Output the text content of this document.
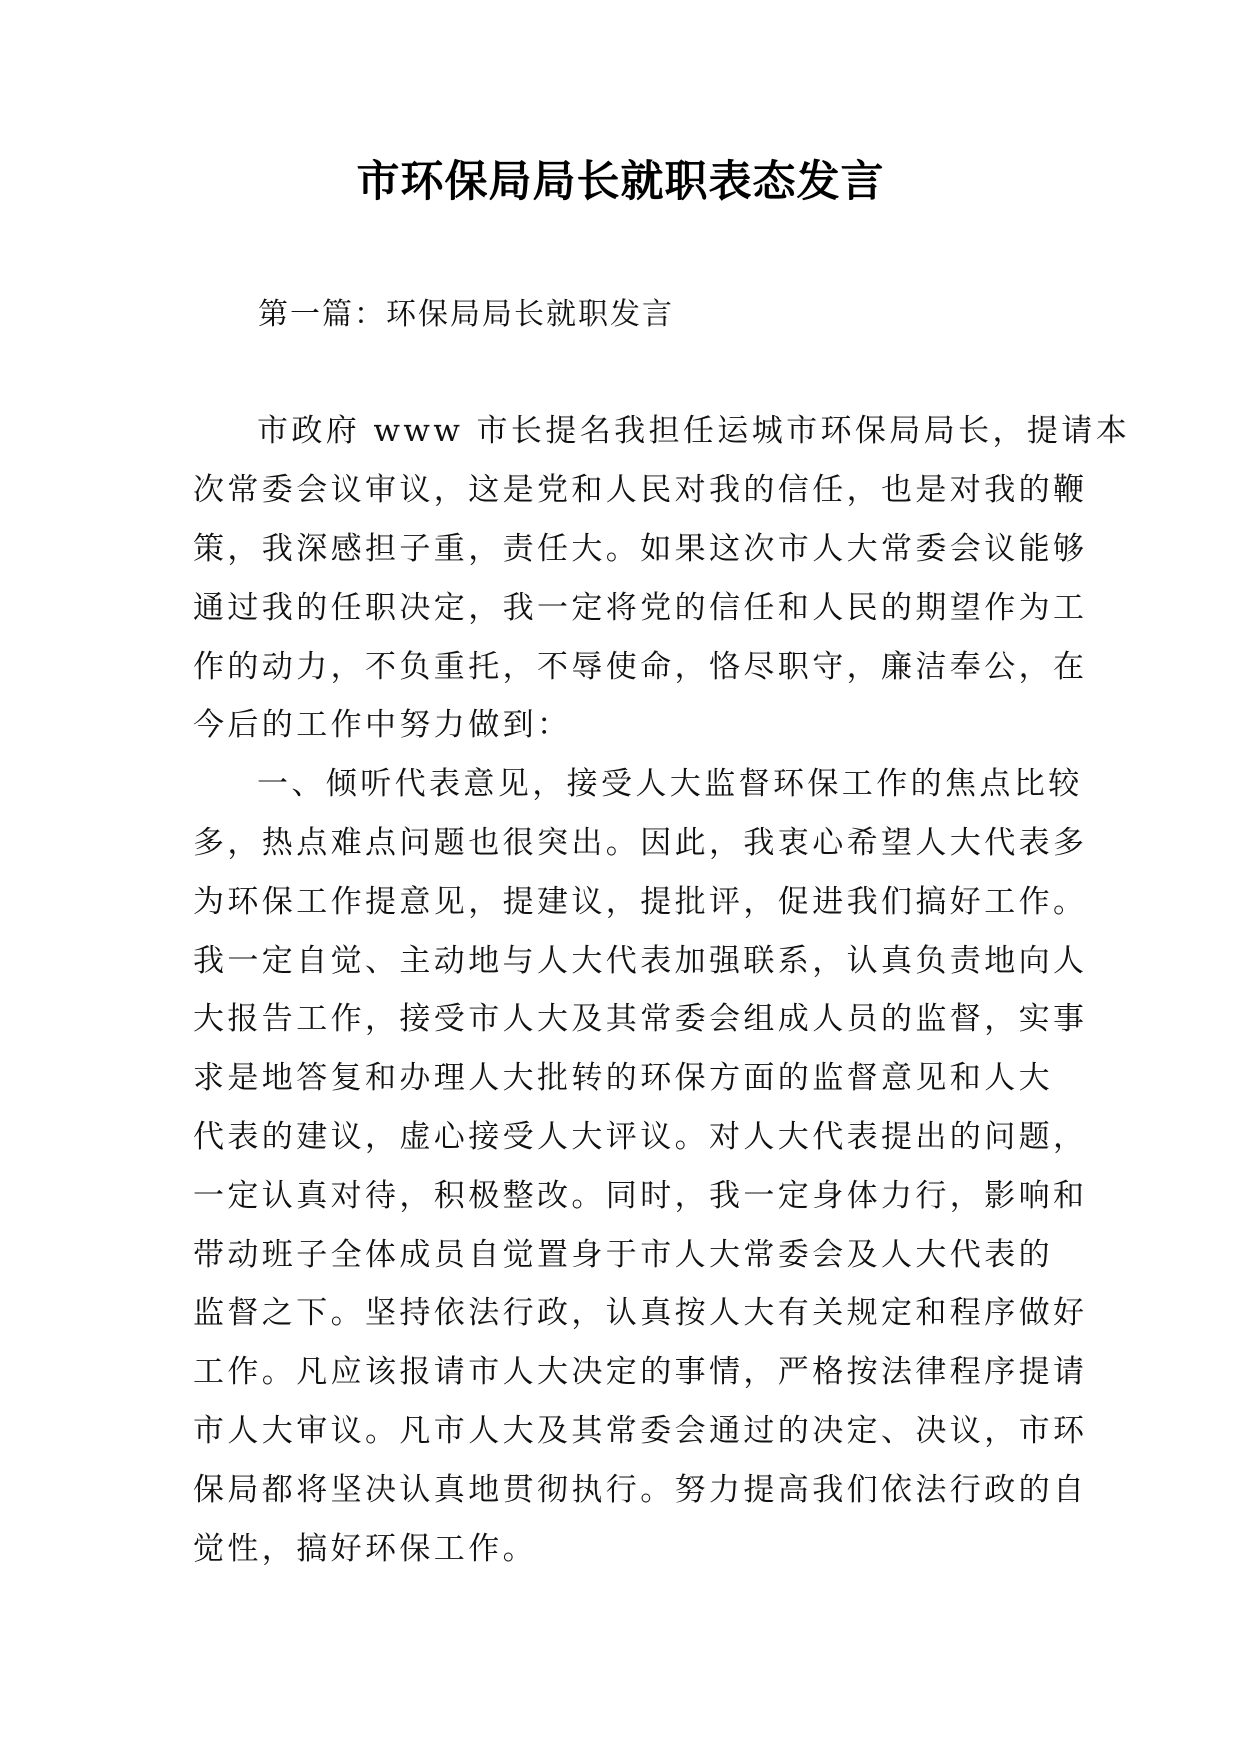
市环保局局长就职表态发言

第一篇：环保局局长就职发言

市政府 www 市长提名我担任运城市环保局局长，提请本

次常委会议审议，这是党和人民对我的信任，也是对我的鞭

策，我深感担子重，责任大。如果这次市人大常委会议能够

通过我的任职决定，我一定将党的信任和人民的期望作为工

作的动力，不负重托，不辱使命，恪尽职守，廉洁奉公，在

今后的工作中努力做到：

一、倾听代表意见，接受人大监督环保工作的焦点比较

多，热点难点问题也很突出。因此，我衷心希望人大代表多

为环保工作提意见，提建议，提批评，促进我们搞好工作。

我一定自觉、主动地与人大代表加强联系，认真负责地向人

大报告工作，接受市人大及其常委会组成人员的监督，实事

求是地答复和办理人大批转的环保方面的监督意见和人大

代表的建议，虚心接受人大评议。对人大代表提出的问题，

一定认真对待，积极整改。同时，我一定身体力行，影响和

带动班子全体成员自觉置身于市人大常委会及人大代表的

监督之下。坚持依法行政，认真按人大有关规定和程序做好

工作。凡应该报请市人大决定的事情，严格按法律程序提请

市人大审议。凡市人大及其常委会通过的决定、决议，市环

保局都将坚决认真地贯彻执行。努力提高我们依法行政的自

觉性，搞好环保工作。
